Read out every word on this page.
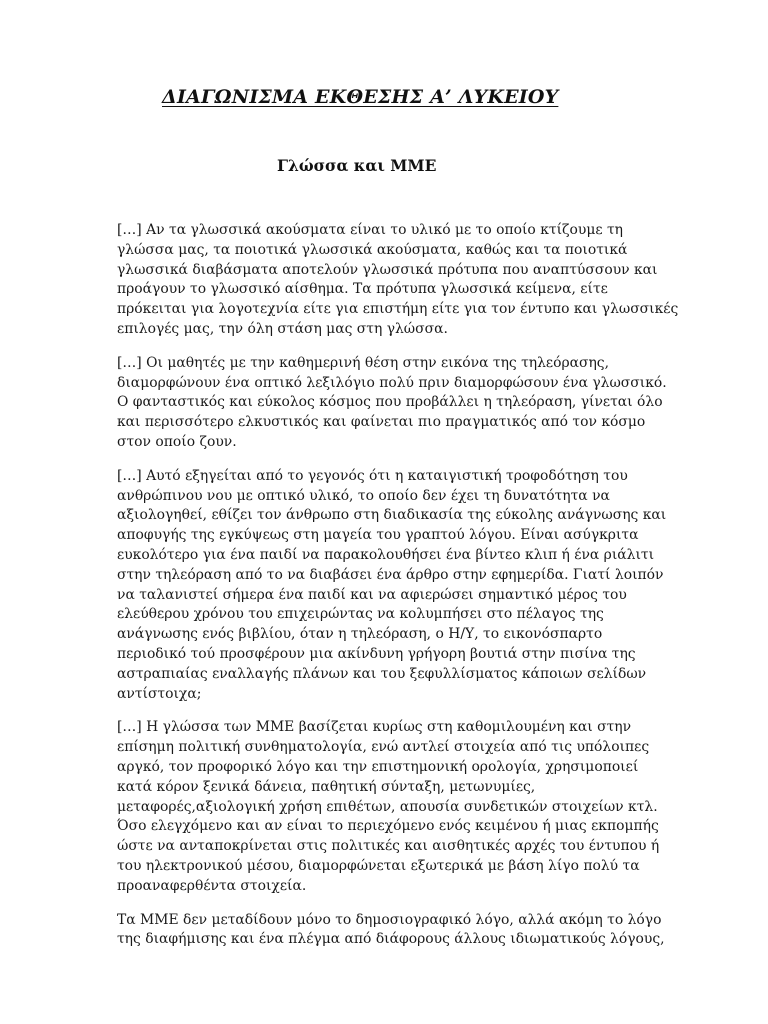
ΔΙΑΓΩΝΙΣΜΑ ΕΚΘΕΣΗΣ Α’ ΛΥΚΕΙΟΥ
Γλώσσα και ΜΜΕ

[…] Αν τα γλωσσικά ακούσματα είναι το υλικό με το οποίο κτίζουμε τη
γλώσσα μας, τα ποιοτικά γλωσσικά ακούσματα, καθώς και τα ποιοτικά
γλωσσικά διαβάσματα αποτελούν γλωσσικά πρότυπα που αναπτύσσουν και
προάγουν το γλωσσικό αίσθημα. Τα πρότυπα γλωσσικά κείμενα, είτε
πρόκειται για λογοτεχνία είτε για επιστήμη είτε για τον έντυπο και γλωσσικές
επιλογές μας, την όλη στάση μας στη γλώσσα.

[…] Οι μαθητές με την καθημερινή θέση στην εικόνα της τηλεόρασης,
διαμορφώνουν ένα οπτικό λεξιλόγιο πολύ πριν διαμορφώσουν ένα γλωσσικό.
Ο φανταστικός και εύκολος κόσμος που προβάλλει η τηλεόραση, γίνεται όλο
και περισσότερο ελκυστικός και φαίνεται πιο πραγματικός από τον κόσμο
στον οποίο ζουν.

[…] Αυτό εξηγείται από το γεγονός ότι η καταιγιστική τροφοδότηση του
ανθρώπινου νου με οπτικό υλικό, το οποίο δεν έχει τη δυνατότητα να
αξιολογηθεί, εθίζει τον άνθρωπο στη διαδικασία της εύκολης ανάγνωσης και
αποφυγής της εγκύψεως στη μαγεία του γραπτού λόγου. Είναι ασύγκριτα
ευκολότερο για ένα παιδί να παρακολουθήσει ένα βίντεο κλιπ ή ένα ριάλιτι
στην τηλεόραση από το να διαβάσει ένα άρθρο στην εφημερίδα. Γιατί λοιπόν
να ταλανιστεί σήμερα ένα παιδί και να αφιερώσει σημαντικό μέρος του
ελεύθερου χρόνου του επιχειρώντας να κολυμπήσει στο πέλαγος της
ανάγνωσης ενός βιβλίου, όταν η τηλεόραση, ο Η/Υ, το εικονόσπαρτο
περιοδικό τού προσφέρουν μια ακίνδυνη γρήγορη βουτιά στην πισίνα της
αστραπιαίας εναλλαγής πλάνων και του ξεφυλλίσματος κάποιων σελίδων
αντίστοιχα;

[…] Η γλώσσα των ΜΜΕ βασίζεται κυρίως στη καθομιλουμένη και στην
επίσημη πολιτική συνθηματολογία, ενώ αντλεί στοιχεία από τις υπόλοιπες
αργκό, τον προφορικό λόγο και την επιστημονική ορολογία, χρησιμοποιεί
κατά κόρον ξενικά δάνεια, παθητική σύνταξη, μετωνυμίες,
μεταφορές,αξιολογική χρήση επιθέτων, απουσία συνδετικών στοιχείων κτλ.
Όσο ελεγχόμενο και αν είναι το περιεχόμενο ενός κειμένου ή μιας εκπομπής
ώστε να ανταποκρίνεται στις πολιτικές και αισθητικές αρχές του έντυπου ή
του ηλεκτρονικού μέσου, διαμορφώνεται εξωτερικά με βάση λίγο πολύ τα
προαναφερθέντα στοιχεία.

Τα ΜΜΕ δεν μεταδίδουν μόνο το δημοσιογραφικό λόγο, αλλά ακόμη το λόγο
της διαφήμισης και ένα πλέγμα από διάφορους άλλους ιδιωματικούς λόγους,
